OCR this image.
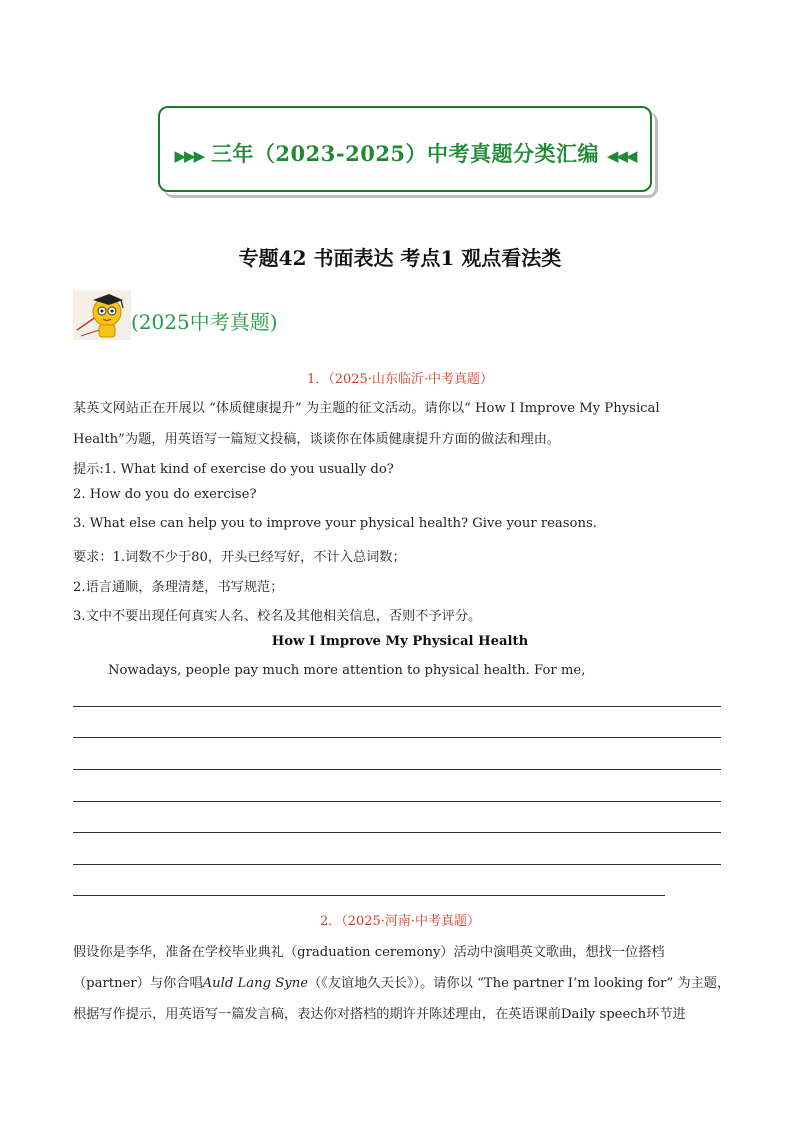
▶▶▶ 三年（2023-2025）中考真题分类汇编 ◀◀◀
专题42 书面表达 考点1 观点看法类
(2025中考真题)
1．（2025·山东临沂·中考真题）
某英文网站正在开展以 “体质健康提升” 为主题的征文活动。请你以“ How I Improve My Physical
Health”为题，用英语写一篇短文投稿，谈谈你在体质健康提升方面的做法和理由。
提示:1. What kind of exercise do you usually do?
2. How do you do exercise?
3. What else can help you to improve your physical health? Give your reasons.
要求：1.词数不少于80，开头已经写好，不计入总词数；
2.语言通顺，条理清楚，书写规范；
3.文中不要出现任何真实人名、校名及其他相关信息，否则不予评分。
How I Improve My Physical Health
Nowadays, people pay much more attention to physical health. For me,
2．（2025·河南·中考真题）
假设你是李华，准备在学校毕业典礼（graduation ceremony）活动中演唱英文歌曲，想找一位搭档
（partner）与你合唱Auld Lang Syne（《友谊地久天长》）。请你以 “The partner I’m looking for” 为主题，
根据写作提示，用英语写一篇发言稿，表达你对搭档的期许并陈述理由，在英语课前Daily speech环节进
